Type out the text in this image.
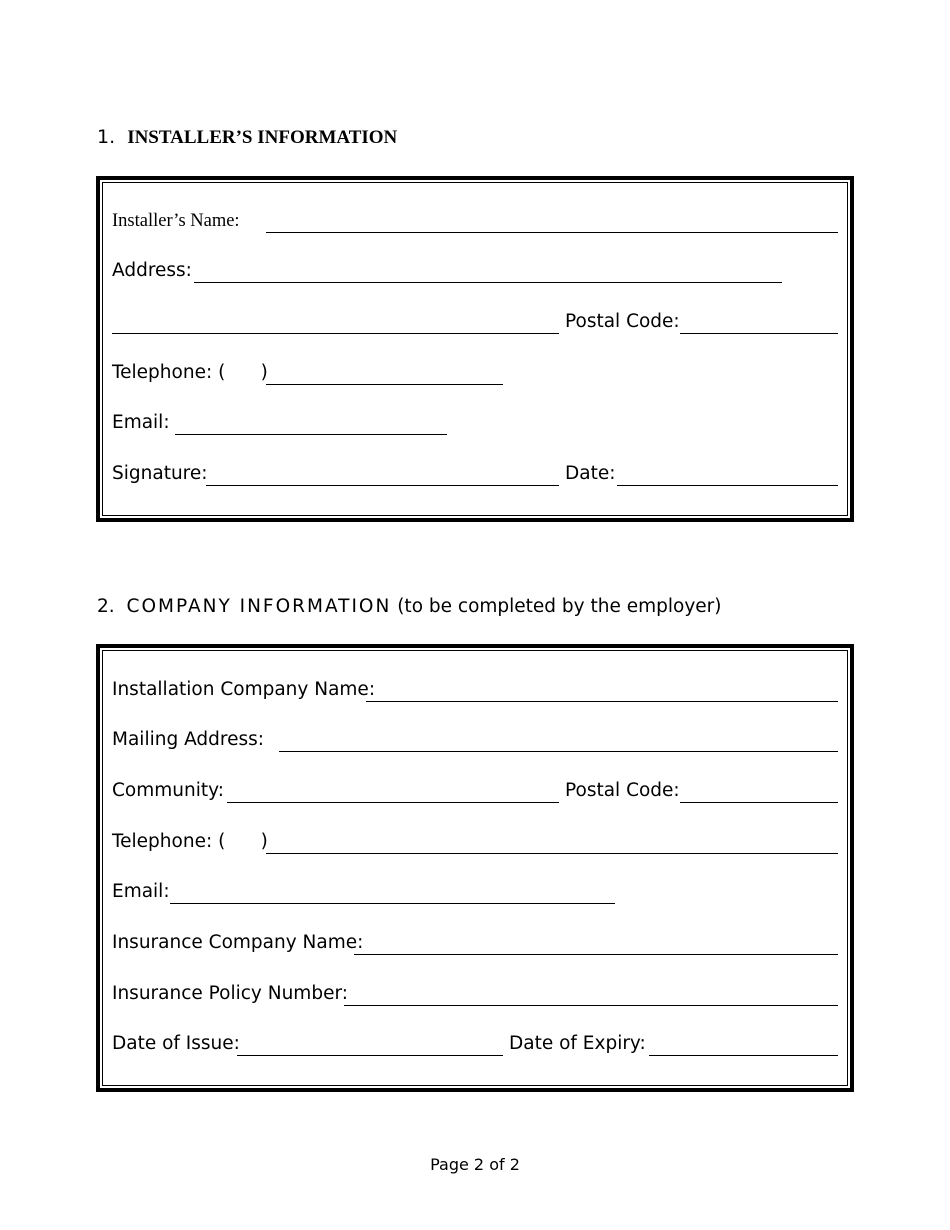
1. INSTALLER’S INFORMATION
Installer’s Name:
Address:
Postal Code:
Telephone: (      )
Email:
Signature:	Date:
2. COMPANY INFORMATION (to be completed by the employer)
Installation Company Name:
Mailing Address:
Community:	Postal Code:
Telephone: (      )
Email:
Insurance Company Name:
Insurance Policy Number:
Date of Issue:	Date of Expiry:
Page 2 of 2
